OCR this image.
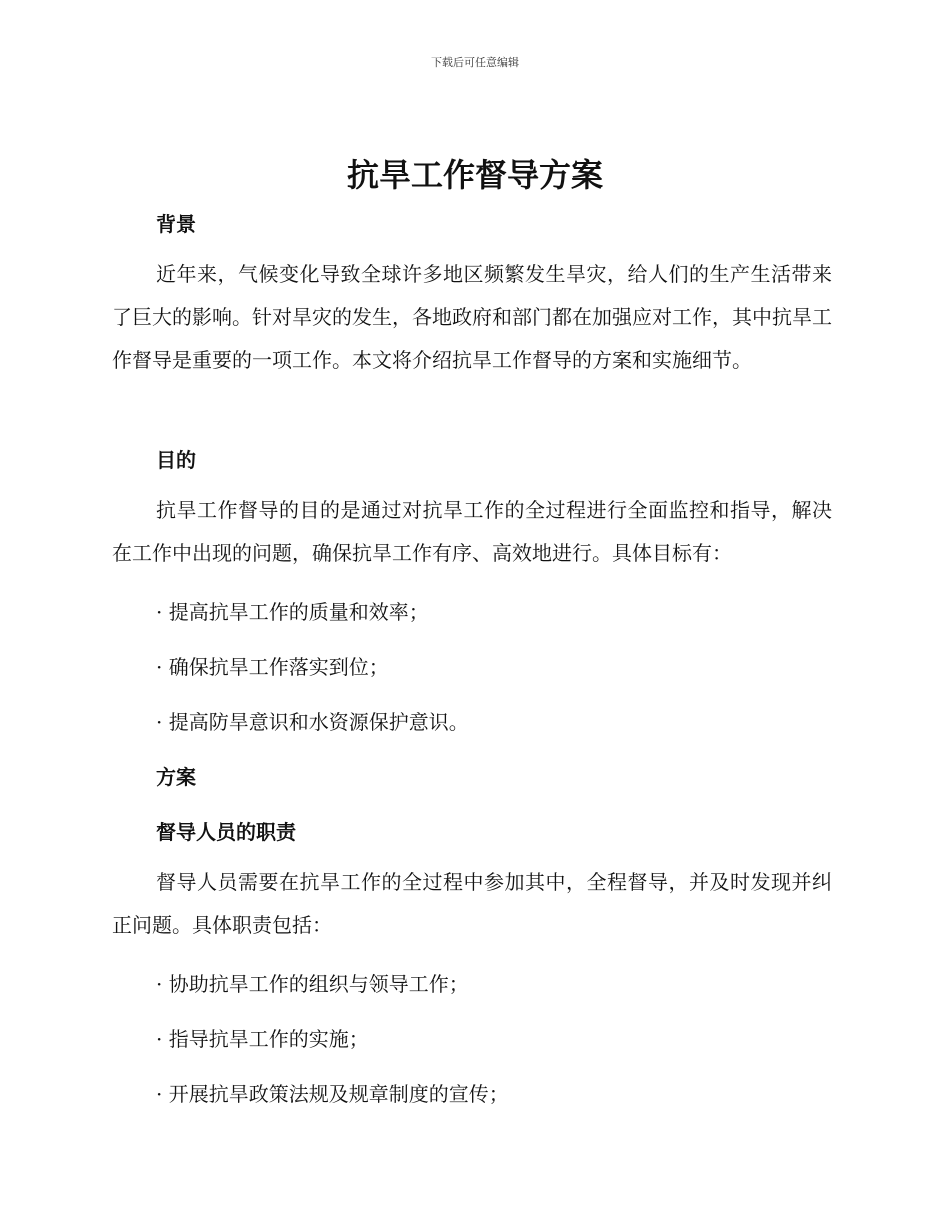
下载后可任意编辑
抗旱工作督导方案
背景
近年来，气候变化导致全球许多地区频繁发生旱灾，给人们的生产生活带来了巨大的影响。针对旱灾的发生，各地政府和部门都在加强应对工作，其中抗旱工作督导是重要的一项工作。本文将介绍抗旱工作督导的方案和实施细节。
目的
抗旱工作督导的目的是通过对抗旱工作的全过程进行全面监控和指导，解决在工作中出现的问题，确保抗旱工作有序、高效地进行。具体目标有：
· 提高抗旱工作的质量和效率；
· 确保抗旱工作落实到位；
· 提高防旱意识和水资源保护意识。
方案
督导人员的职责
督导人员需要在抗旱工作的全过程中参加其中，全程督导，并及时发现并纠正问题。具体职责包括：
· 协助抗旱工作的组织与领导工作；
· 指导抗旱工作的实施；
· 开展抗旱政策法规及规章制度的宣传；
